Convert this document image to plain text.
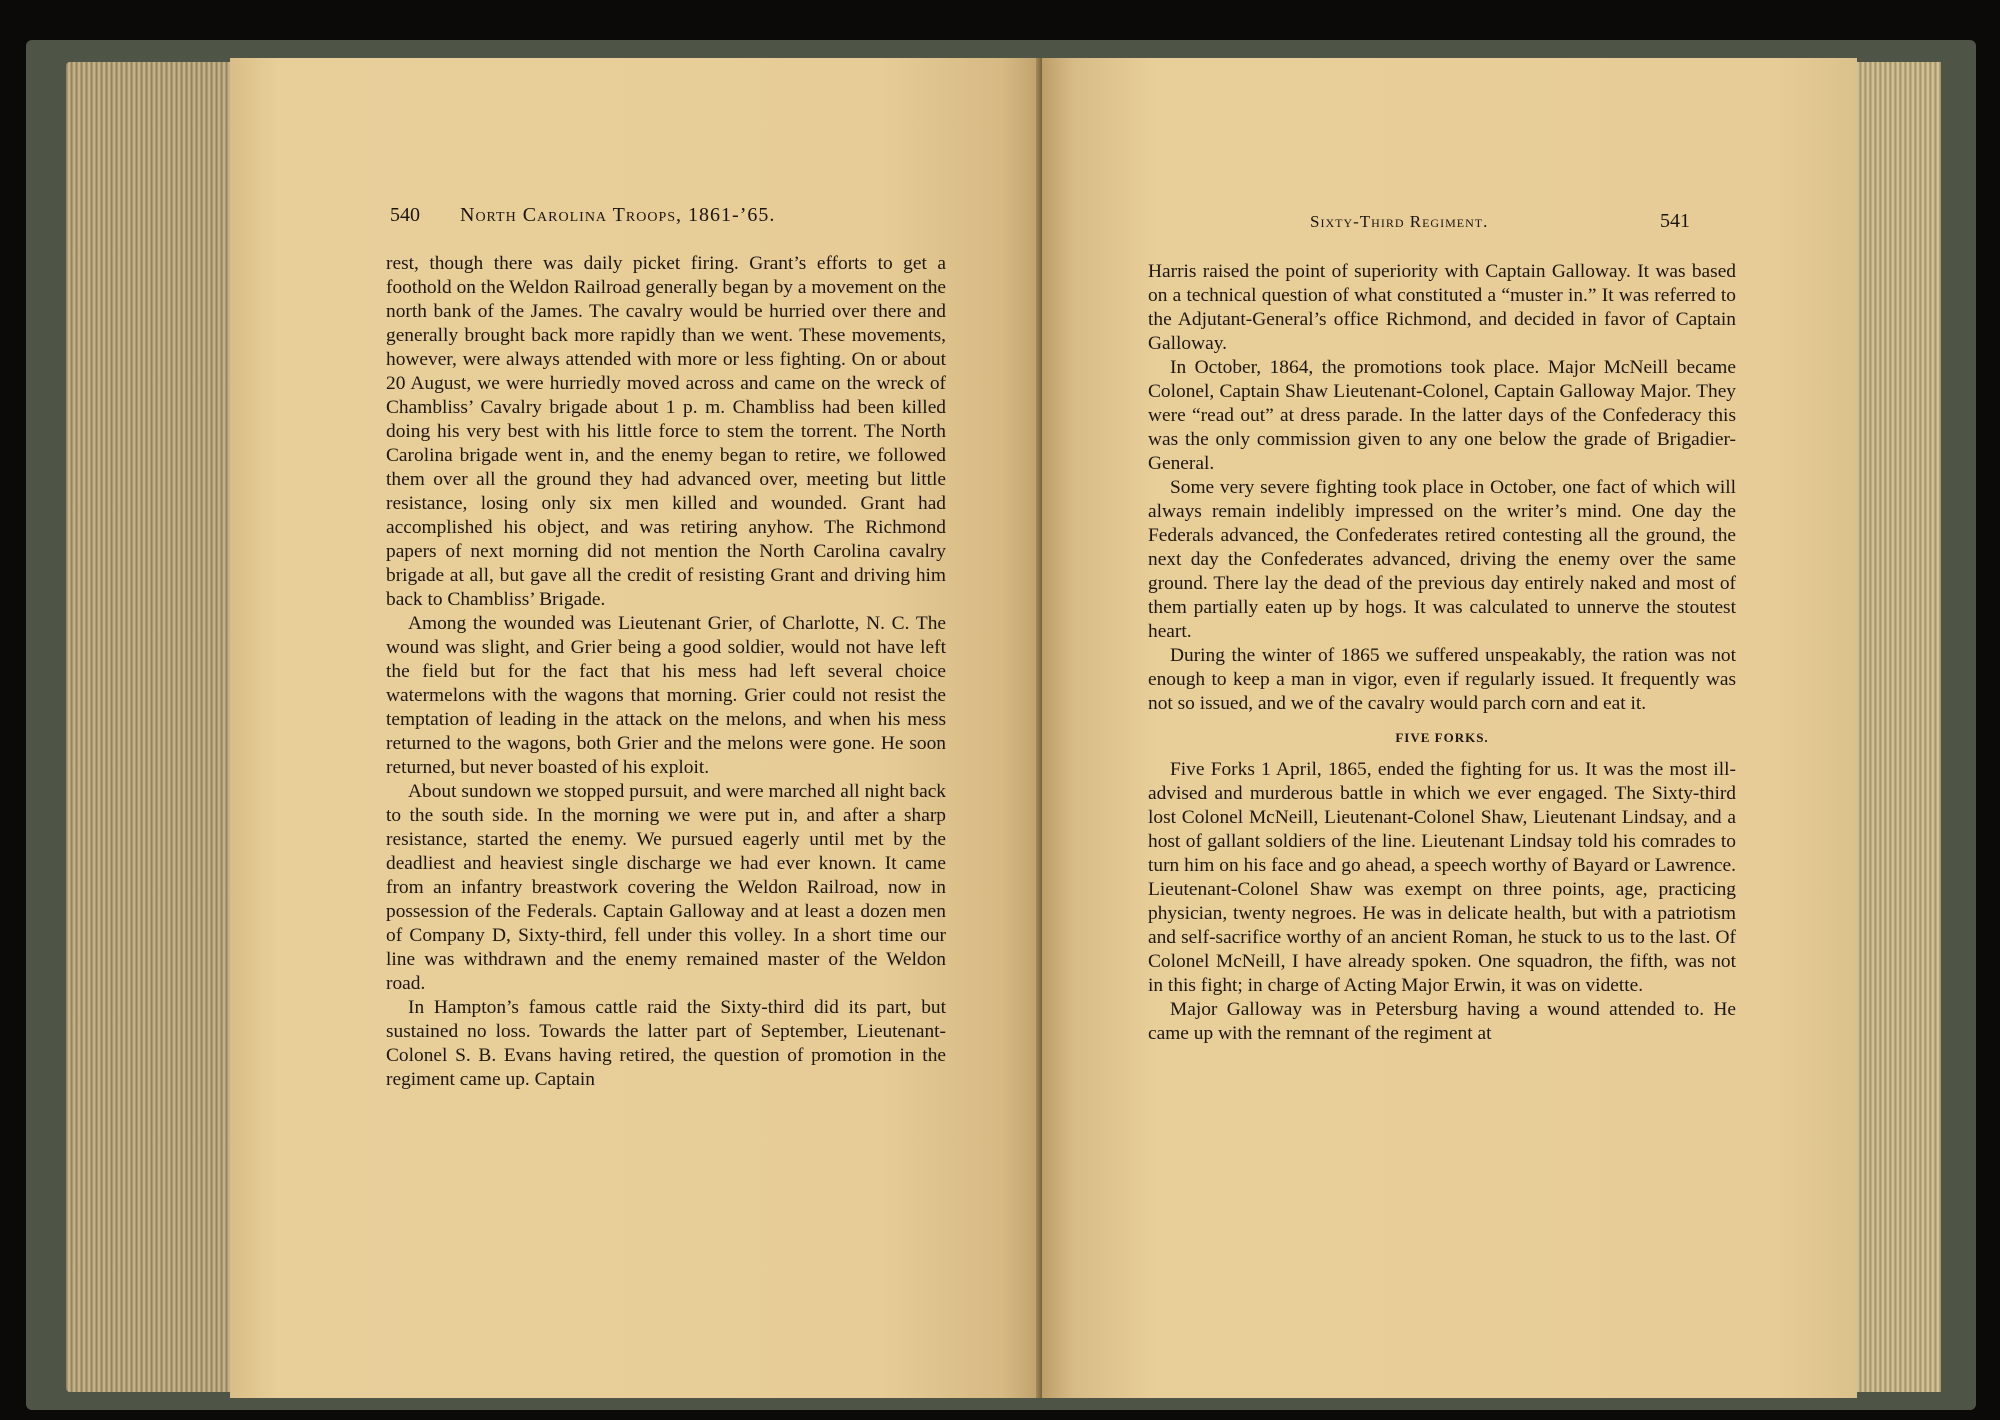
540 North Carolina Troops, 1861-’65.

rest, though there was daily picket firing. Grant’s efforts to get a foothold on the Weldon Railroad generally began by a movement on the north bank of the James. The cavalry would be hurried over there and generally brought back more rapidly than we went. These movements, however, were always attended with more or less fighting. On or about 20 August, we were hurriedly moved across and came on the wreck of Chambliss’ Cavalry brigade about 1 p. m. Chambliss had been killed doing his very best with his little force to stem the torrent. The North Carolina brigade went in, and the enemy began to retire, we followed them over all the ground they had advanced over, meeting but little resistance, losing only six men killed and wounded. Grant had accomplished his object, and was retiring anyhow. The Richmond papers of next morning did not mention the North Carolina cavalry brigade at all, but gave all the credit of resisting Grant and driving him back to Chambliss’ Brigade.

Among the wounded was Lieutenant Grier, of Charlotte, N. C. The wound was slight, and Grier being a good soldier, would not have left the field but for the fact that his mess had left several choice watermelons with the wagons that morning. Grier could not resist the temptation of leading in the attack on the melons, and when his mess returned to the wagons, both Grier and the melons were gone. He soon returned, but never boasted of his exploit.

About sundown we stopped pursuit, and were marched all night back to the south side. In the morning we were put in, and after a sharp resistance, started the enemy. We pursued eagerly until met by the deadliest and heaviest single discharge we had ever known. It came from an infantry breastwork covering the Weldon Railroad, now in possession of the Federals. Captain Galloway and at least a dozen men of Company D, Sixty-third, fell under this volley. In a short time our line was withdrawn and the enemy remained master of the Weldon road.

In Hampton’s famous cattle raid the Sixty-third did its part, but sustained no loss. Towards the latter part of September, Lieutenant-Colonel S. B. Evans having retired, the question of promotion in the regiment came up. Captain

Sixty-Third Regiment.	541

Harris raised the point of superiority with Captain Galloway. It was based on a technical question of what constituted a “muster in.” It was referred to the Adjutant-General’s office Richmond, and decided in favor of Captain Galloway.

In October, 1864, the promotions took place. Major McNeill became Colonel, Captain Shaw Lieutenant-Colonel, Captain Galloway Major. They were “read out” at dress parade. In the latter days of the Confederacy this was the only commission given to any one below the grade of Brigadier-General.

Some very severe fighting took place in October, one fact of which will always remain indelibly impressed on the writer’s mind. One day the Federals advanced, the Confederates retired contesting all the ground, the next day the Confederates advanced, driving the enemy over the same ground. There lay the dead of the previous day entirely naked and most of them partially eaten up by hogs. It was calculated to unnerve the stoutest heart.

During the winter of 1865 we suffered unspeakably, the ration was not enough to keep a man in vigor, even if regularly issued. It frequently was not so issued, and we of the cavalry would parch corn and eat it.

FIVE FORKS.

Five Forks 1 April, 1865, ended the fighting for us. It was the most ill-advised and murderous battle in which we ever engaged. The Sixty-third lost Colonel McNeill, Lieutenant-Colonel Shaw, Lieutenant Lindsay, and a host of gallant soldiers of the line. Lieutenant Lindsay told his comrades to turn him on his face and go ahead, a speech worthy of Bayard or Lawrence. Lieutenant-Colonel Shaw was exempt on three points, age, practicing physician, twenty negroes. He was in delicate health, but with a patriotism and self-sacrifice worthy of an ancient Roman, he stuck to us to the last. Of Colonel McNeill, I have already spoken. One squadron, the fifth, was not in this fight; in charge of Acting Major Erwin, it was on vidette.

Major Galloway was in Petersburg having a wound attended to. He came up with the remnant of the regiment at
